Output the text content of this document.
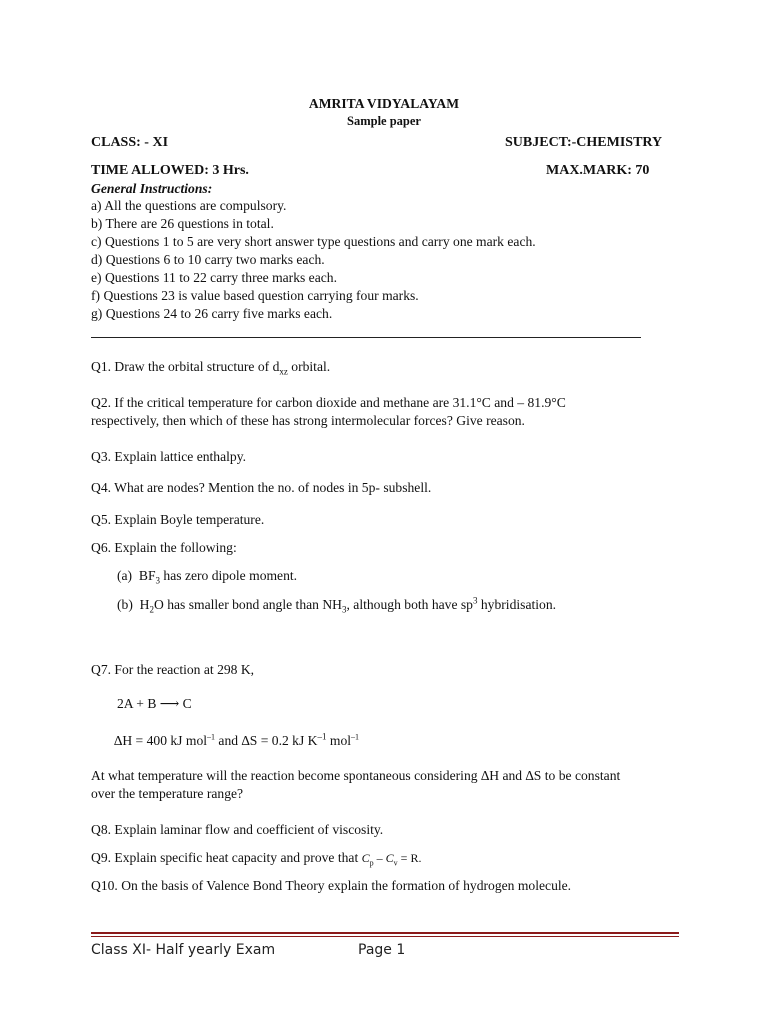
AMRITA VIDYALAYAM
Sample paper
CLASS: - XI	SUBJECT:-CHEMISTRY
TIME ALLOWED: 3 Hrs.	MAX.MARK: 70
General Instructions:
a) All the questions are compulsory.
b) There are 26 questions in total.
c) Questions 1 to 5 are very short answer type questions and carry one mark each.
d) Questions 6 to 10 carry two marks each.
e) Questions 11 to 22 carry three marks each.
f) Questions 23 is value based question carrying four marks.
g) Questions 24 to 26 carry five marks each.
Q1. Draw the orbital structure of $d_{xz}$ orbital.
Q2. If the critical temperature for carbon dioxide and methane are 31.1°C and – 81.9°C
respectively, then which of these has strong intermolecular forces? Give reason.
Q3. Explain lattice enthalpy.
Q4. What are nodes? Mention the no. of nodes in 5p- subshell.
Q5. Explain Boyle temperature.
Q6. Explain the following:
(a) $BF_3$ has zero dipole moment.
(b) $H_2O$ has smaller bond angle than $NH_3$, although both have $sp^3$ hybridisation.
Q7. For the reaction at 298 K,
2A + B ⟶ C
∆H = 400 kJ mol$^{-1}$ and ∆S = 0.2 kJ $K^{-1}$ mol$^{-1}$
At what temperature will the reaction become spontaneous considering ∆H and ∆S to be constant
over the temperature range?
Q8. Explain laminar flow and coefficient of viscosity.
Q9. Explain specific heat capacity and prove that $C_p - C_v = R$.
Q10. On the basis of Valence Bond Theory explain the formation of hydrogen molecule.
Class XI- Half yearly Exam	Page 1
